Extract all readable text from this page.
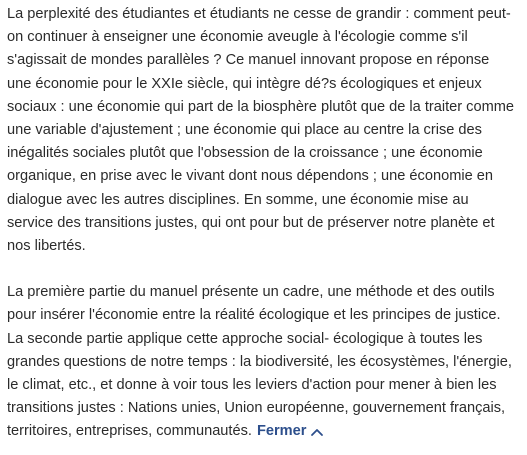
La perplexité des étudiantes et étudiants ne cesse de grandir : comment peut-on continuer à enseigner une économie aveugle à l'écologie comme s'il s'agissait de mondes parallèles ? Ce manuel innovant propose en réponse une économie pour le XXIe siècle, qui intègre dé?s écologiques et enjeux sociaux : une économie qui part de la biosphère plutôt que de la traiter comme une variable d'ajustement ; une économie qui place au centre la crise des inégalités sociales plutôt que l'obsession de la croissance ; une économie organique, en prise avec le vivant dont nous dépendons ; une économie en dialogue avec les autres disciplines. En somme, une économie mise au service des transitions justes, qui ont pour but de préserver notre planète et nos libertés.

La première partie du manuel présente un cadre, une méthode et des outils pour insérer l'économie entre la réalité écologique et les principes de justice. La seconde partie applique cette approche social- écologique à toutes les grandes questions de notre temps : la biodiversité, les écosystèmes, l'énergie, le climat, etc., et donne à voir tous les leviers d'action pour mener à bien les transitions justes : Nations unies, Union européenne, gouvernement français, territoires, entreprises, communautés. Fermer
